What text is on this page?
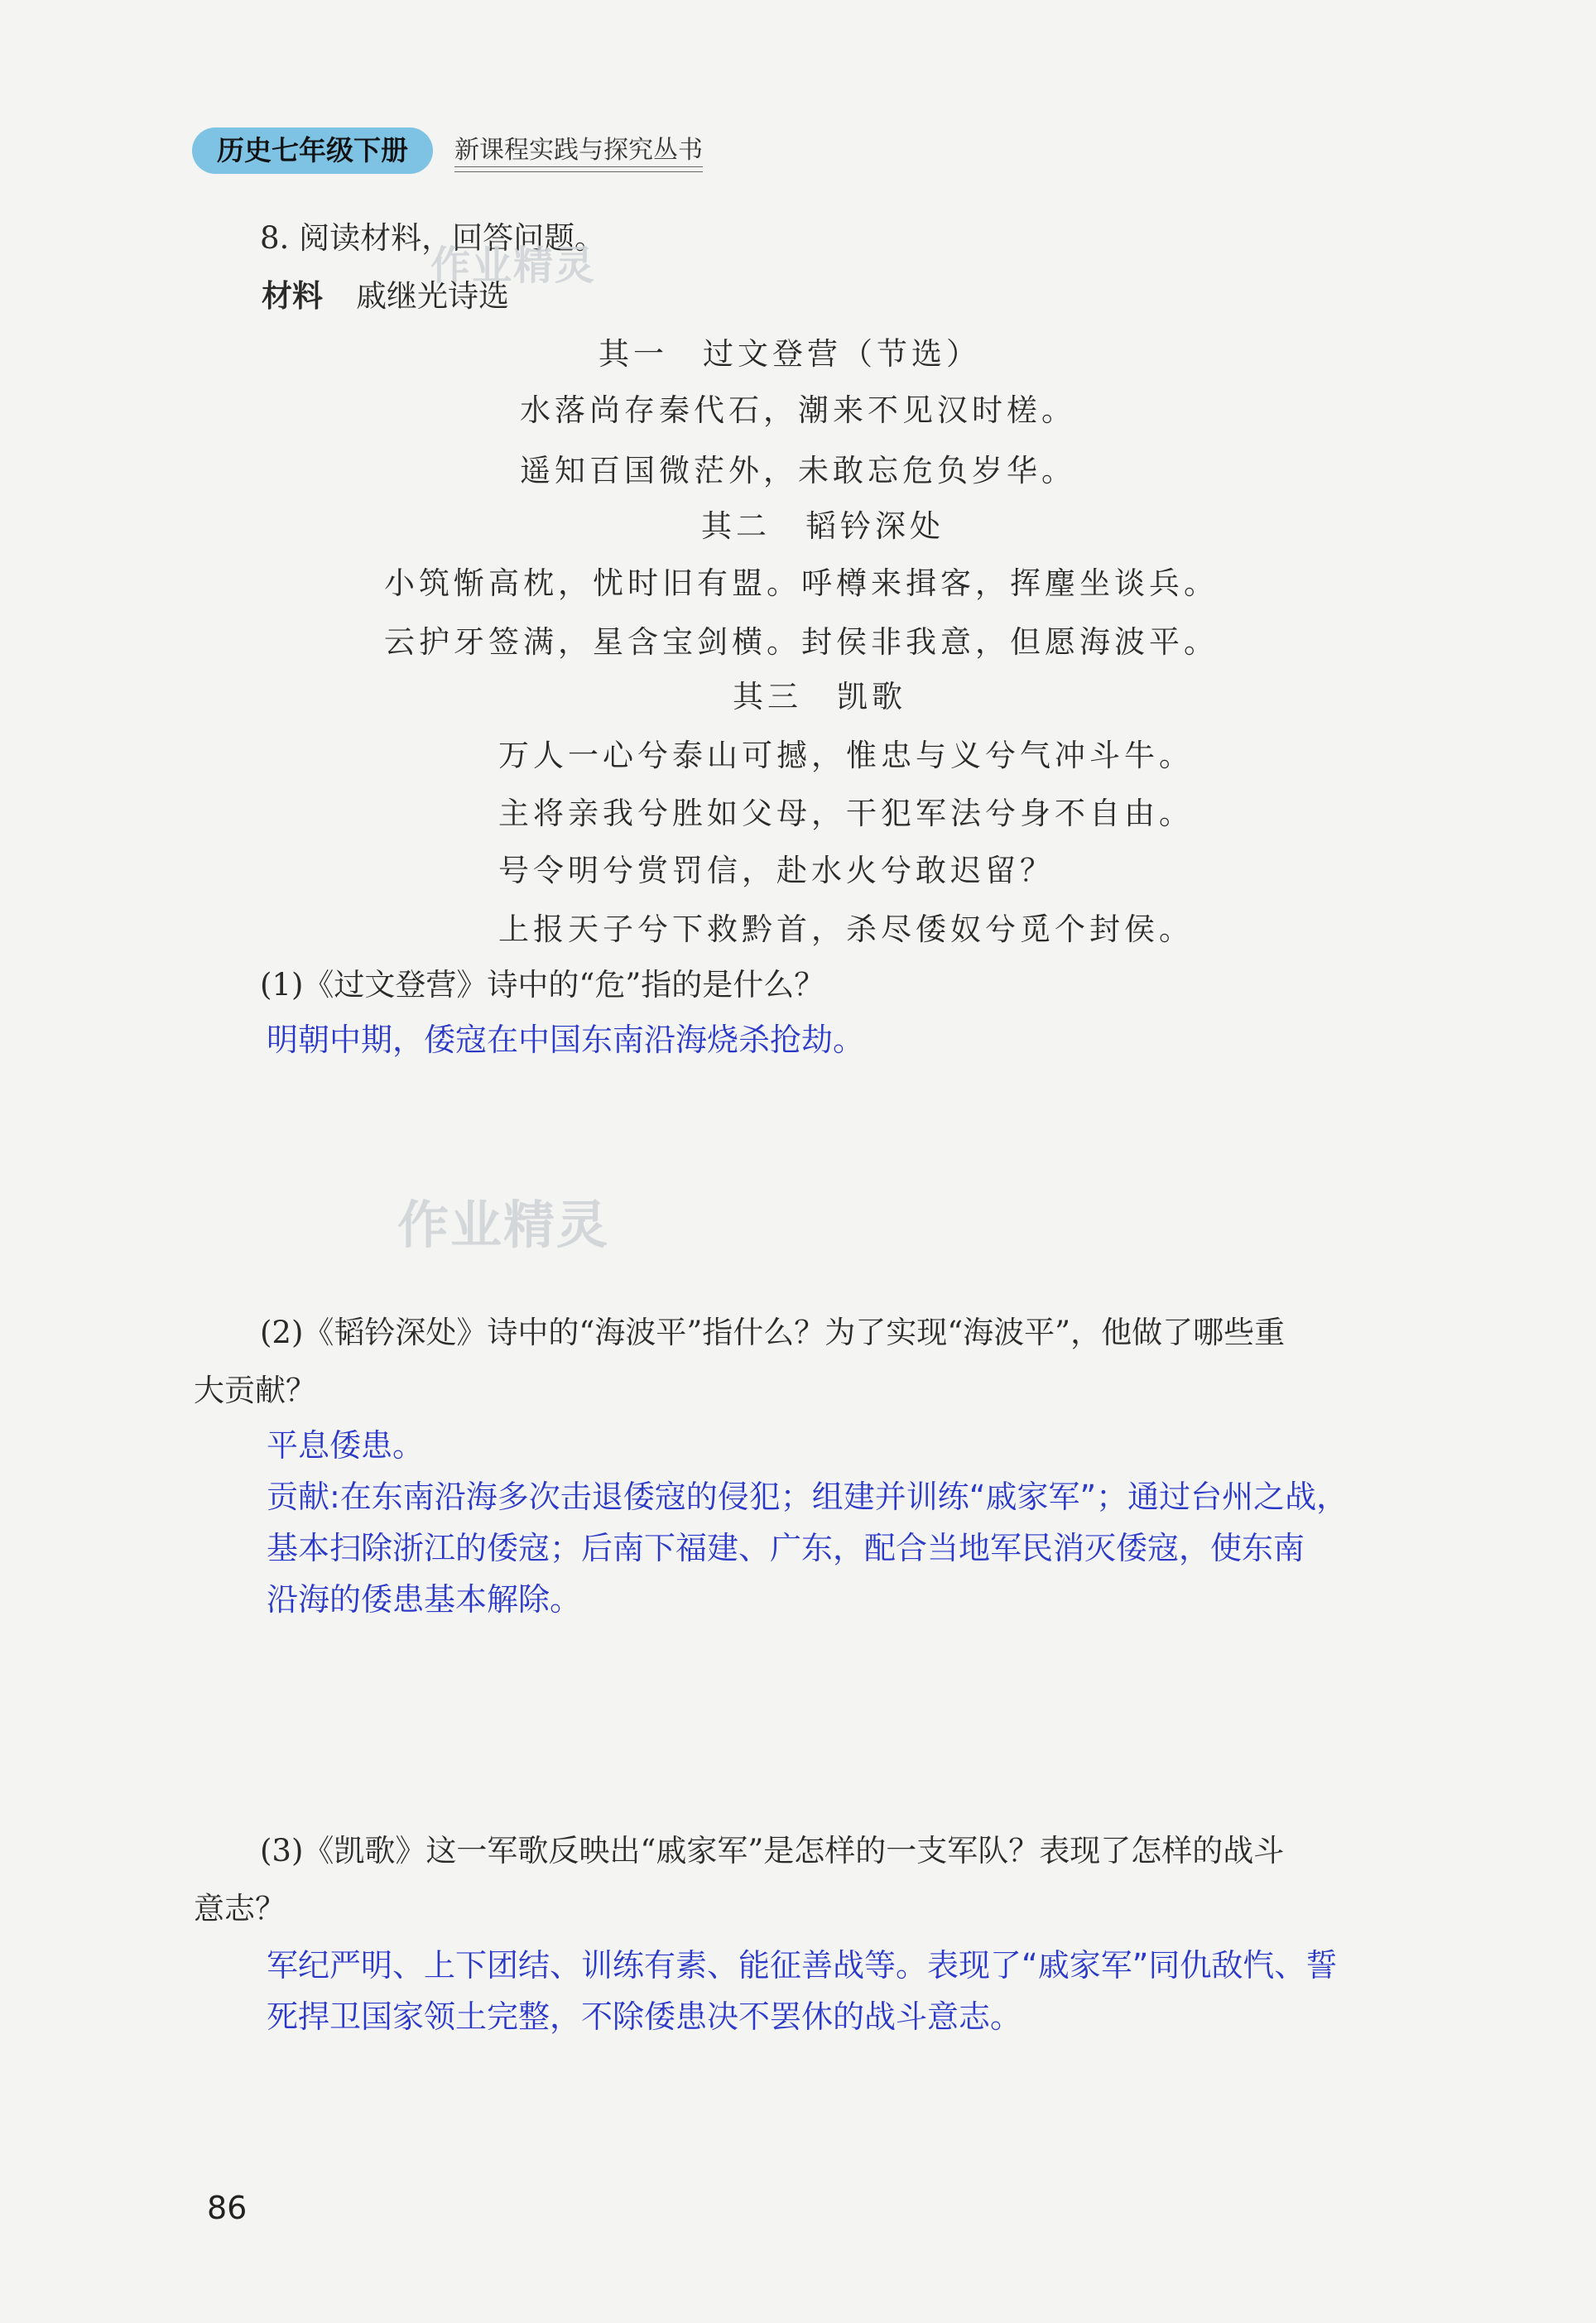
历史七年级下册	新课程实践与探究丛书
8. 阅读材料，回答问题。
作业精灵
材料 戚继光诗选
其一　过文登营（节选）
水落尚存秦代石，潮来不见汉时槎。
遥知百国微茫外，未敢忘危负岁华。
其二　韬钤深处
小筑惭高枕，忧时旧有盟。呼樽来揖客，挥麈坐谈兵。
云护牙签满，星含宝剑横。封侯非我意，但愿海波平。
其三　凯歌
万人一心兮泰山可撼，惟忠与义兮气冲斗牛。
主将亲我兮胜如父母，干犯军法兮身不自由。
号令明兮赏罚信，赴水火兮敢迟留？
上报天子兮下救黔首，杀尽倭奴兮觅个封侯。
(1)《过文登营》诗中的“危”指的是什么？
明朝中期，倭寇在中国东南沿海烧杀抢劫。
作业精灵
(2)《韬钤深处》诗中的“海波平”指什么？为了实现“海波平”，他做了哪些重
大贡献？
平息倭患。
贡献:在东南沿海多次击退倭寇的侵犯；组建并训练“戚家军”；通过台州之战，
基本扫除浙江的倭寇；后南下福建、广东，配合当地军民消灭倭寇，使东南
沿海的倭患基本解除。
(3)《凯歌》这一军歌反映出“戚家军”是怎样的一支军队？表现了怎样的战斗
意志？
军纪严明、上下团结、训练有素、能征善战等。表现了“戚家军”同仇敌忾、誓
死捍卫国家领土完整，不除倭患决不罢休的战斗意志。
86
